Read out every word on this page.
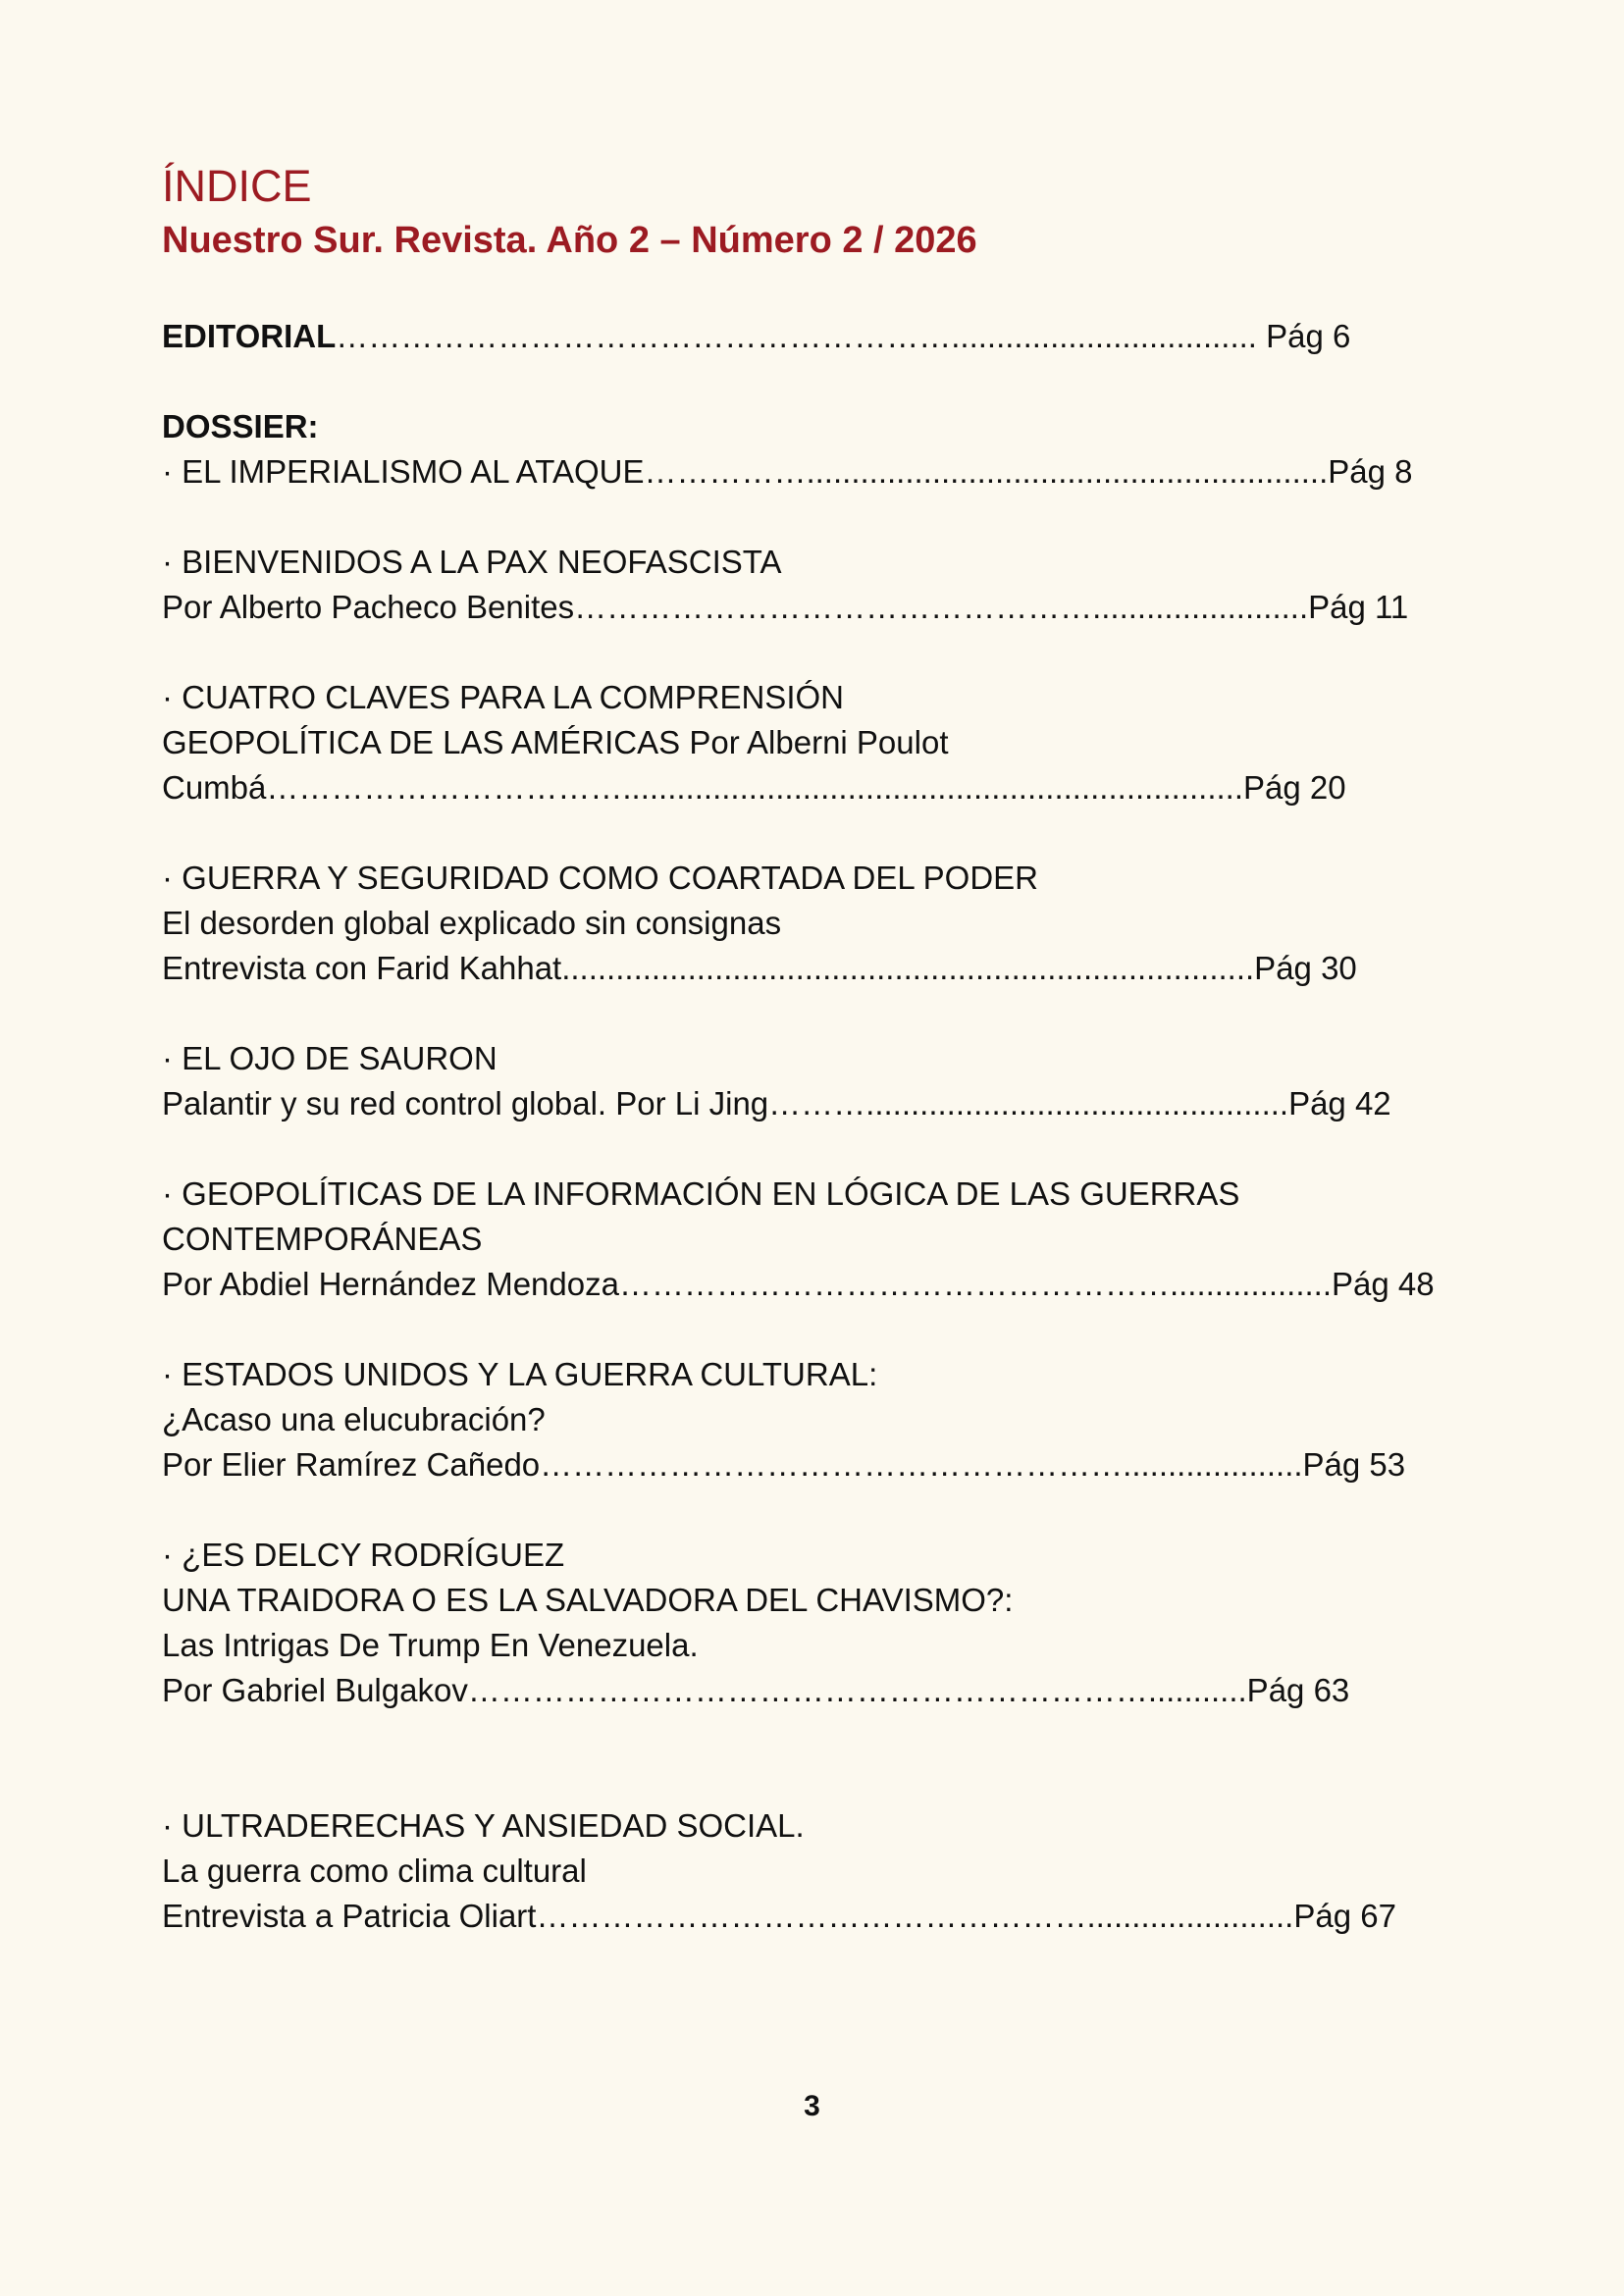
ÍNDICE
Nuestro Sur. Revista. Año 2 – Número 2 / 2026
EDITORIAL………………………………………………….................................. Pág 6
DOSSIER:
· EL IMPERIALISMO AL ATAQUE……………..........................................................Pág 8
· BIENVENIDOS A LA PAX NEOFASCISTA
Por Alberto Pacheco Benites…………………………………………........................Pág 11
· CUATRO CLAVES PARA LA COMPRENSIÓN
GEOPOLÍTICA DE LAS AMÉRICAS Por Alberni Poulot
Cumbá…………………………….....................................................................Pág 20
· GUERRA Y SEGURIDAD COMO COARTADA DEL PODER
El desorden global explicado sin consignas
Entrevista con Farid Kahhat.............................................................................Pág 30
· EL OJO DE SAURON
Palantir y su red control global. Por Li Jing………...............................................Pág 42
· GEOPOLÍTICAS DE LA INFORMACIÓN EN LÓGICA DE LAS GUERRAS
CONTEMPORÁNEAS
Por Abdiel Hernández Mendoza……………………………………………..................Pág 48
· ESTADOS UNIDOS Y LA GUERRA CULTURAL:
¿Acaso una elucubración?
Por Elier Ramírez Cañedo………………………………………………....................Pág 53
· ¿ES DELCY RODRÍGUEZ
UNA TRAIDORA O ES LA SALVADORA DEL CHAVISMO?:
Las Intrigas De Trump En Venezuela.
Por Gabriel Bulgakov………………………………………………………...........Pág 63
· ULTRADERECHAS Y ANSIEDAD SOCIAL.
La guerra como clima cultural
Entrevista a Patricia Oliart…………………………………………….......................Pág 67
3
